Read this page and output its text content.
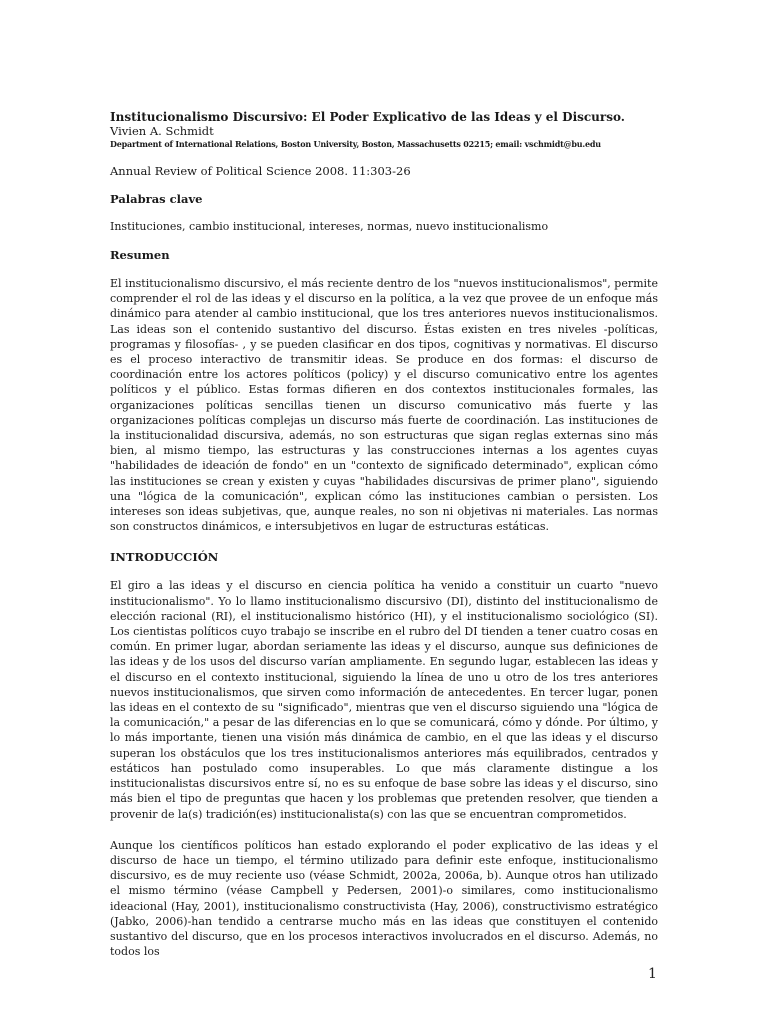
Institucionalismo Discursivo: El Poder Explicativo de las Ideas y el Discurso.

Vivien A. Schmidt

Department of International Relations, Boston University, Boston, Massachusetts 02215; email: vschmidt@bu.edu

Annual Review of Political Science 2008. 11:303-26

Palabras clave

Instituciones, cambio institucional, intereses, normas, nuevo institucionalismo

Resumen

El institucionalismo discursivo, el más reciente dentro de los "nuevos institucionalismos", permite comprender el rol de las ideas y el discurso en la política, a la vez que provee de un enfoque más dinámico para atender al cambio institucional, que los tres anteriores nuevos institucionalismos. Las ideas son el contenido sustantivo del discurso. Éstas existen en tres niveles -políticas, programas y filosofías- , y se pueden clasificar en dos tipos, cognitivas y normativas. El discurso es el proceso interactivo de transmitir ideas. Se produce en dos formas: el discurso de coordinación entre los actores políticos (policy) y el discurso comunicativo entre los agentes políticos y el público. Estas formas difieren en dos contextos institucionales formales, las organizaciones políticas sencillas tienen un discurso comunicativo más fuerte y las organizaciones políticas complejas un discurso más fuerte de coordinación. Las instituciones de la institucionalidad discursiva, además, no son estructuras que sigan reglas externas sino más bien, al mismo tiempo, las estructuras y las construcciones internas a los agentes cuyas "habilidades de ideación de fondo" en un "contexto de significado determinado", explican cómo las instituciones se crean y existen y cuyas "habilidades discursivas de primer plano", siguiendo una "lógica de la comunicación", explican cómo las instituciones cambian o persisten. Los intereses son ideas subjetivas, que, aunque reales, no son ni objetivas ni materiales. Las normas son constructos dinámicos, e intersubjetivos en lugar de estructuras estáticas.

INTRODUCCIÓN

El giro a las ideas y el discurso en ciencia política ha venido a constituir un cuarto "nuevo institucionalismo". Yo lo llamo institucionalismo discursivo (DI), distinto del institucionalismo de elección racional (RI), el institucionalismo histórico (HI), y el institucionalismo sociológico (SI). Los cientistas políticos cuyo trabajo se inscribe en el rubro del DI tienden a tener cuatro cosas en común. En primer lugar, abordan seriamente las ideas y el discurso, aunque sus definiciones de las ideas y de los usos del discurso varían ampliamente. En segundo lugar, establecen las ideas y el discurso en el contexto institucional, siguiendo la línea de uno u otro de los tres anteriores nuevos institucionalismos, que sirven como información de antecedentes. En tercer lugar, ponen las ideas en el contexto de su "significado", mientras que ven el discurso siguiendo una "lógica de la comunicación," a pesar de las diferencias en lo que se comunicará, cómo y dónde. Por último, y lo más importante, tienen una visión más dinámica de cambio, en el que las ideas y el discurso superan los obstáculos que los tres institucionalismos anteriores más equilibrados, centrados y estáticos han postulado como insuperables. Lo que más claramente distingue a los institucionalistas discursivos entre sí, no es su enfoque de base sobre las ideas y el discurso, sino más bien el tipo de preguntas que hacen y los problemas que pretenden resolver, que tienden a provenir de la(s) tradición(es) institucionalista(s) con las que se encuentran comprometidos.

Aunque los científicos políticos han estado explorando el poder explicativo de las ideas y el discurso de hace un tiempo, el término utilizado para definir este enfoque, institucionalismo discursivo, es de muy reciente uso (véase Schmidt, 2002a, 2006a, b). Aunque otros han utilizado el mismo término (véase Campbell y Pedersen, 2001)-o similares, como institucionalismo ideacional (Hay, 2001), institucionalismo constructivista (Hay, 2006), constructivismo estratégico (Jabko, 2006)-han tendido a centrarse mucho más en las ideas que constituyen el contenido sustantivo del discurso, que en los procesos interactivos involucrados en el discurso. Además, no todos los

1
